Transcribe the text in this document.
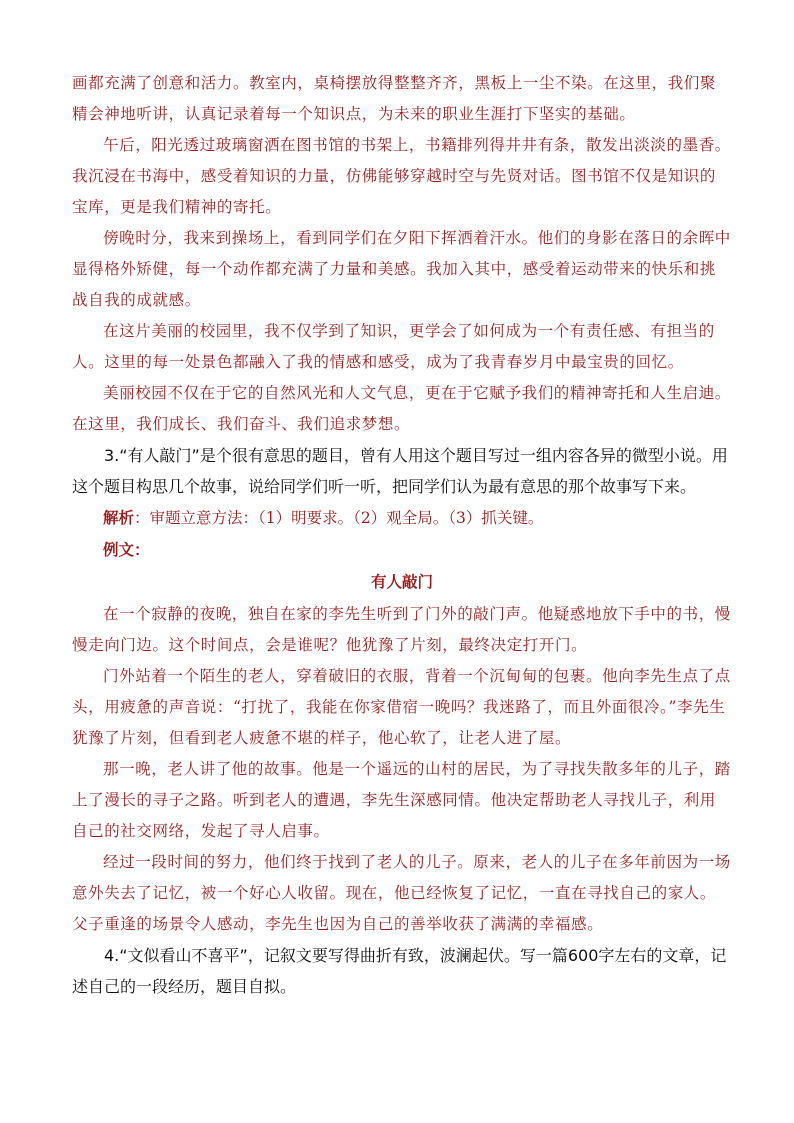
画都充满了创意和活力。教室内，桌椅摆放得整整齐齐，黑板上一尘不染。在这里，我们聚精会神地听讲，认真记录着每一个知识点，为未来的职业生涯打下坚实的基础。

午后，阳光透过玻璃窗洒在图书馆的书架上，书籍排列得井井有条，散发出淡淡的墨香。我沉浸在书海中，感受着知识的力量，仿佛能够穿越时空与先贤对话。图书馆不仅是知识的宝库，更是我们精神的寄托。

傍晚时分，我来到操场上，看到同学们在夕阳下挥洒着汗水。他们的身影在落日的余晖中显得格外矫健，每一个动作都充满了力量和美感。我加入其中，感受着运动带来的快乐和挑战自我的成就感。

在这片美丽的校园里，我不仅学到了知识，更学会了如何成为一个有责任感、有担当的人。这里的每一处景色都融入了我的情感和感受，成为了我青春岁月中最宝贵的回忆。

美丽校园不仅在于它的自然风光和人文气息，更在于它赋予我们的精神寄托和人生启迪。在这里，我们成长、我们奋斗、我们追求梦想。

3.“有人敲门”是个很有意思的题目，曾有人用这个题目写过一组内容各异的微型小说。用这个题目构思几个故事，说给同学们听一听，把同学们认为最有意思的那个故事写下来。

解析：审题立意方法：（1）明要求。（2）观全局。（3）抓关键。

例文：

有人敲门

在一个寂静的夜晚，独自在家的李先生听到了门外的敲门声。他疑惑地放下手中的书，慢慢走向门边。这个时间点，会是谁呢？他犹豫了片刻，最终决定打开门。

门外站着一个陌生的老人，穿着破旧的衣服，背着一个沉甸甸的包裹。他向李先生点了点头，用疲惫的声音说：“打扰了，我能在你家借宿一晚吗？我迷路了，而且外面很冷。”李先生犹豫了片刻，但看到老人疲惫不堪的样子，他心软了，让老人进了屋。

那一晚，老人讲了他的故事。他是一个遥远的山村的居民，为了寻找失散多年的儿子，踏上了漫长的寻子之路。听到老人的遭遇，李先生深感同情。他决定帮助老人寻找儿子，利用自己的社交网络，发起了寻人启事。

经过一段时间的努力，他们终于找到了老人的儿子。原来，老人的儿子在多年前因为一场意外失去了记忆，被一个好心人收留。现在，他已经恢复了记忆，一直在寻找自己的家人。父子重逢的场景令人感动，李先生也因为自己的善举收获了满满的幸福感。

4.“文似看山不喜平”，记叙文要写得曲折有致，波澜起伏。写一篇600字左右的文章，记述自己的一段经历，题目自拟。
